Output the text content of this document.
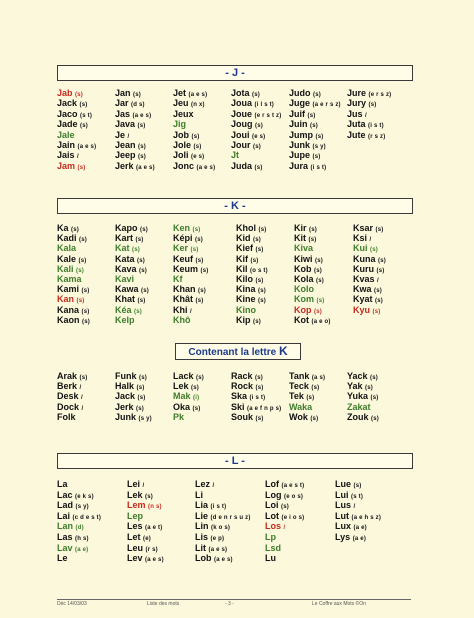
- J -
Jab (s)
Jack (s)
Jaco (s t)
Jade (s)
Jale
Jain (a e s)
Jais /
Jam (s)
Jan (s)
Jar (d s)
Jas (a e s)
Java (s)
Je /
Jean (s)
Jeep (s)
Jerk (a e s)
Jet (a e s)
Jeu (n x)
Jeux
Jig
Job (s)
Jole (s)
Joli (e s)
Jonc (a e s)
Jota (s)
Joua (i l s t)
Joue (e r s t z)
Joug (s)
Joui (e s)
Jour (s)
Jt
Juda (s)
Judo (s)
Juge (a e r s z)
Juif (s)
Juin (s)
Jump (s)
Junk (s y)
Jupe (s)
Jura (i s t)
Jure (e r s z)
Jury (s)
Jus /
Juta (i s t)
Jute (r s z)
- K -
Ka (s)
Kadi (s)
Kala
Kale (s)
Kali (s)
Kama
Kami (s)
Kan (s)
Kana (s)
Kaon (s)
Kapo (s)
Kart (s)
Kat (s)
Kata (s)
Kava (s)
Kavi
Kawa (s)
Khat (s)
Kéa (s)
Kelp
Ken (s)
Képi (s)
Ker (s)
Keuf (s)
Keum (s)
Kf
Khan (s)
Khât (s)
Khi /
Khô
Khol (s)
Kid (s)
Kief (s)
Kif (s)
Kil (o s t)
Kilo (s)
Kina (s)
Kine (s)
Kino
Kip (s)
Kir (s)
Kit (s)
Kiva
Kiwi (s)
Kob (s)
Kola (s)
Kolo
Kom (s)
Kop (s)
Kot (a e o)
Ksar (s)
Ksi /
Kui (s)
Kuna (s)
Kuru (s)
Kvas /
Kwa (s)
Kyat (s)
Kyu (s)
Contenant la lettre K
Arak (s)
Berk /
Desk /
Dock /
Folk
Funk (s)
Halk (s)
Jack (s)
Jerk (s)
Junk (s y)
Lack (s)
Lek (s)
Mak (i)
Oka (s)
Pk
Rack (s)
Rock (s)
Ska (i s t)
Ski (a e f n p s)
Souk (s)
Tank (a s)
Teck (s)
Tek (s)
Waka
Wok (s)
Yack (s)
Yak (s)
Yuka (s)
Zakat
Zouk (s)
- L -
La
Lac (e k s)
Lad (s y)
Lai (c d e s t)
Lan (d)
Las (h s)
Lav (a e)
Le
Lei /
Lek (s)
Lem (n s)
Lep
Les (a e t)
Let (e)
Leu (r s)
Lev (a e s)
Lez /
Li
Lia (i s t)
Lie (d e n r s u z)
Lin (k o s)
Lis (e p)
Lit (a e s)
Lob (a e s)
Lof (a e s t)
Log (e o s)
Loi (s)
Lot (e i o s)
Los /
Lp
Lsd
Lu
Lue (s)
Lui (s t)
Lus /
Lut (a e h s z)
Lux (a e)
Lys (a e)
Déc 14/03/03	Liste des mots	- 3 -	Le Coffre aux Mots ©On
